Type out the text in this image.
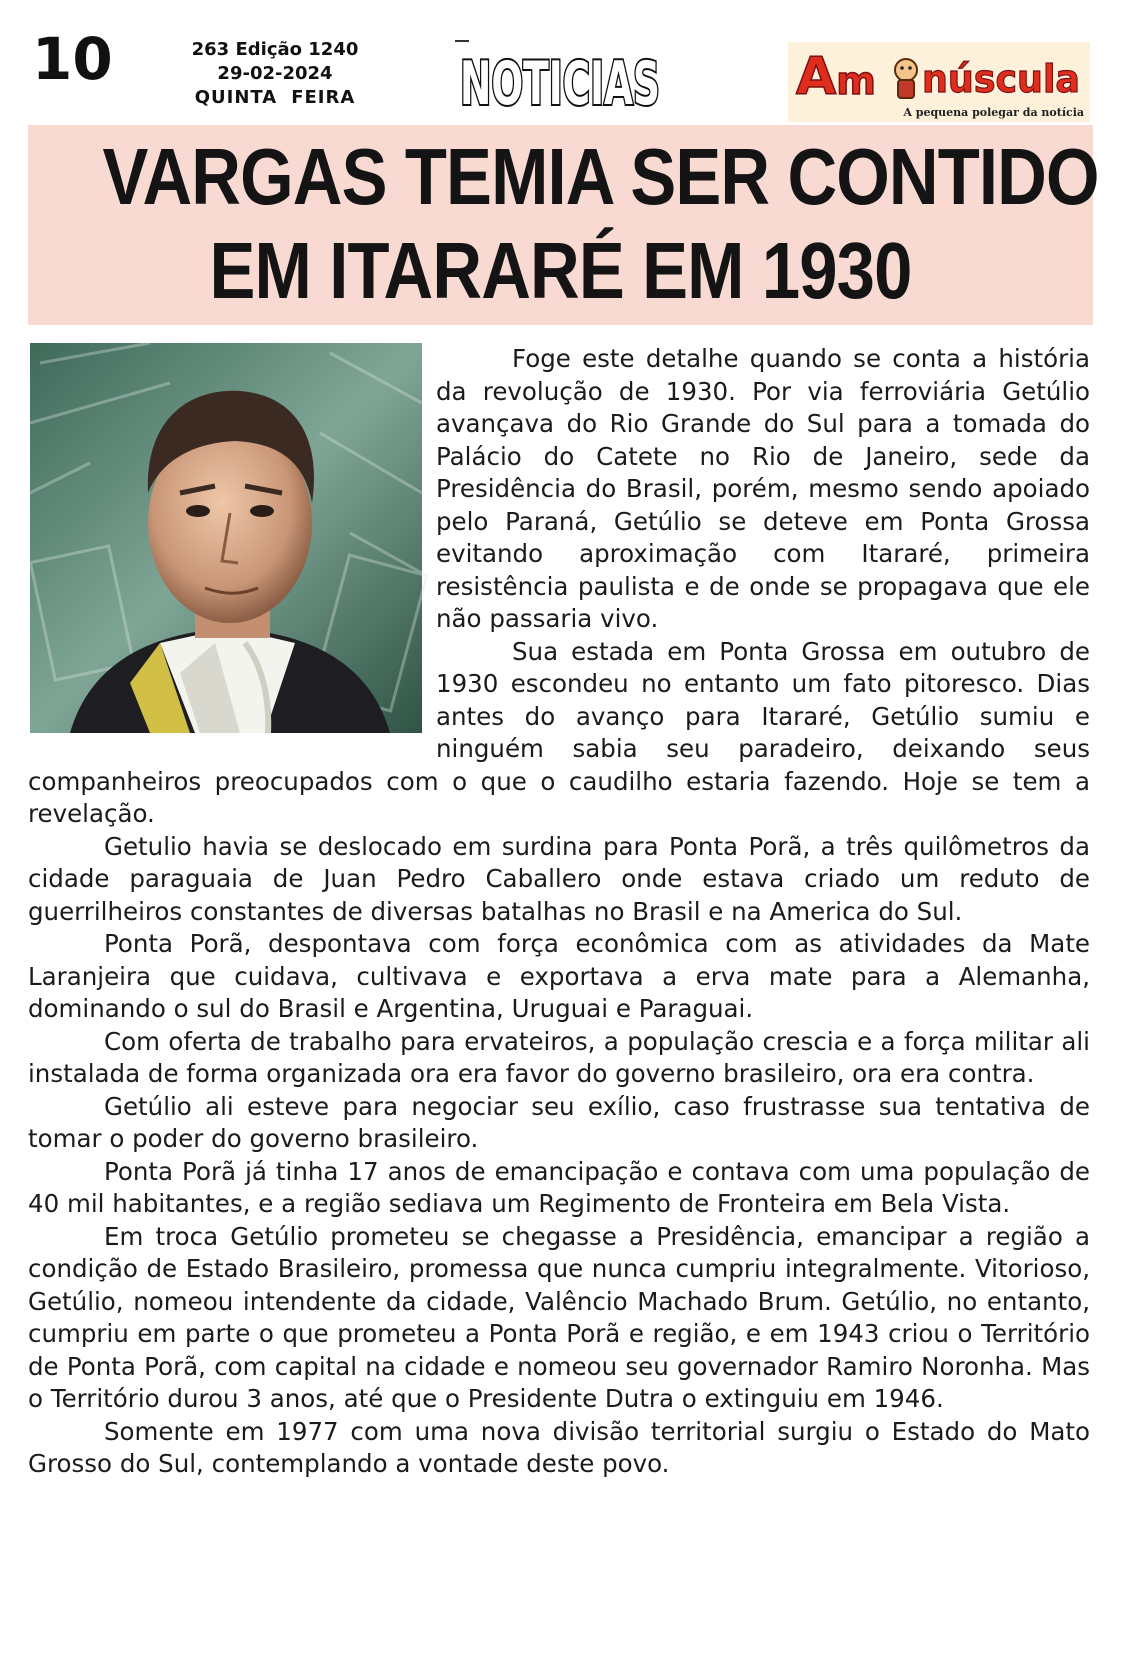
10	263 Edição 1240
29-02-2024
QUINTA FEIRA	NOTICIAS	Am núscula
A pequena polegar da notícia
VARGAS TEMIA SER CONTIDO
EM ITARARÉ EM 1930

Foge este detalhe quando se conta a história da revolução de 1930. Por via ferroviária Getúlio avançava do Rio Grande do Sul para a tomada do Palácio do Catete no Rio de Janeiro, sede da Presidência do Brasil, porém, mesmo sendo apoiado pelo Paraná, Getúlio se deteve em Ponta Grossa evitando aproximação com Itararé, primeira resistência paulista e de onde se propagava que ele não passaria vivo.

Sua estada em Ponta Grossa em outubro de 1930 escondeu no entanto um fato pitoresco. Dias antes do avanço para Itararé, Getúlio sumiu e ninguém sabia seu paradeiro, deixando seus companheiros preocupados com o que o caudilho estaria fazendo. Hoje se tem a revelação.

Getulio havia se deslocado em surdina para Ponta Porã, a três quilômetros da cidade paraguaia de Juan Pedro Caballero onde estava criado um reduto de guerrilheiros constantes de diversas batalhas no Brasil e na America do Sul.

Ponta Porã, despontava com força econômica com as atividades da Mate Laranjeira que cuidava, cultivava e exportava a erva mate para a Alemanha, dominando o sul do Brasil e Argentina, Uruguai e Paraguai.

Com oferta de trabalho para ervateiros, a população crescia e a força militar ali instalada de forma organizada ora era favor do governo brasileiro, ora era contra.

Getúlio ali esteve para negociar seu exílio, caso frustrasse sua tentativa de tomar o poder do governo brasileiro.

Ponta Porã já tinha 17 anos de emancipação e contava com uma população de 40 mil habitantes, e a região sediava um Regimento de Fronteira em Bela Vista.

Em troca Getúlio prometeu se chegasse a Presidência, emancipar a região a condição de Estado Brasileiro, promessa que nunca cumpriu integralmente. Vitorioso, Getúlio, nomeou intendente da cidade, Valêncio Machado Brum. Getúlio, no entanto, cumpriu em parte o que prometeu a Ponta Porã e região, e em 1943 criou o Território de Ponta Porã, com capital na cidade e nomeou seu governador Ramiro Noronha. Mas o Território durou 3 anos, até que o Presidente Dutra o extinguiu em 1946.

Somente em 1977 com uma nova divisão territorial surgiu o Estado do Mato Grosso do Sul, contemplando a vontade deste povo.
